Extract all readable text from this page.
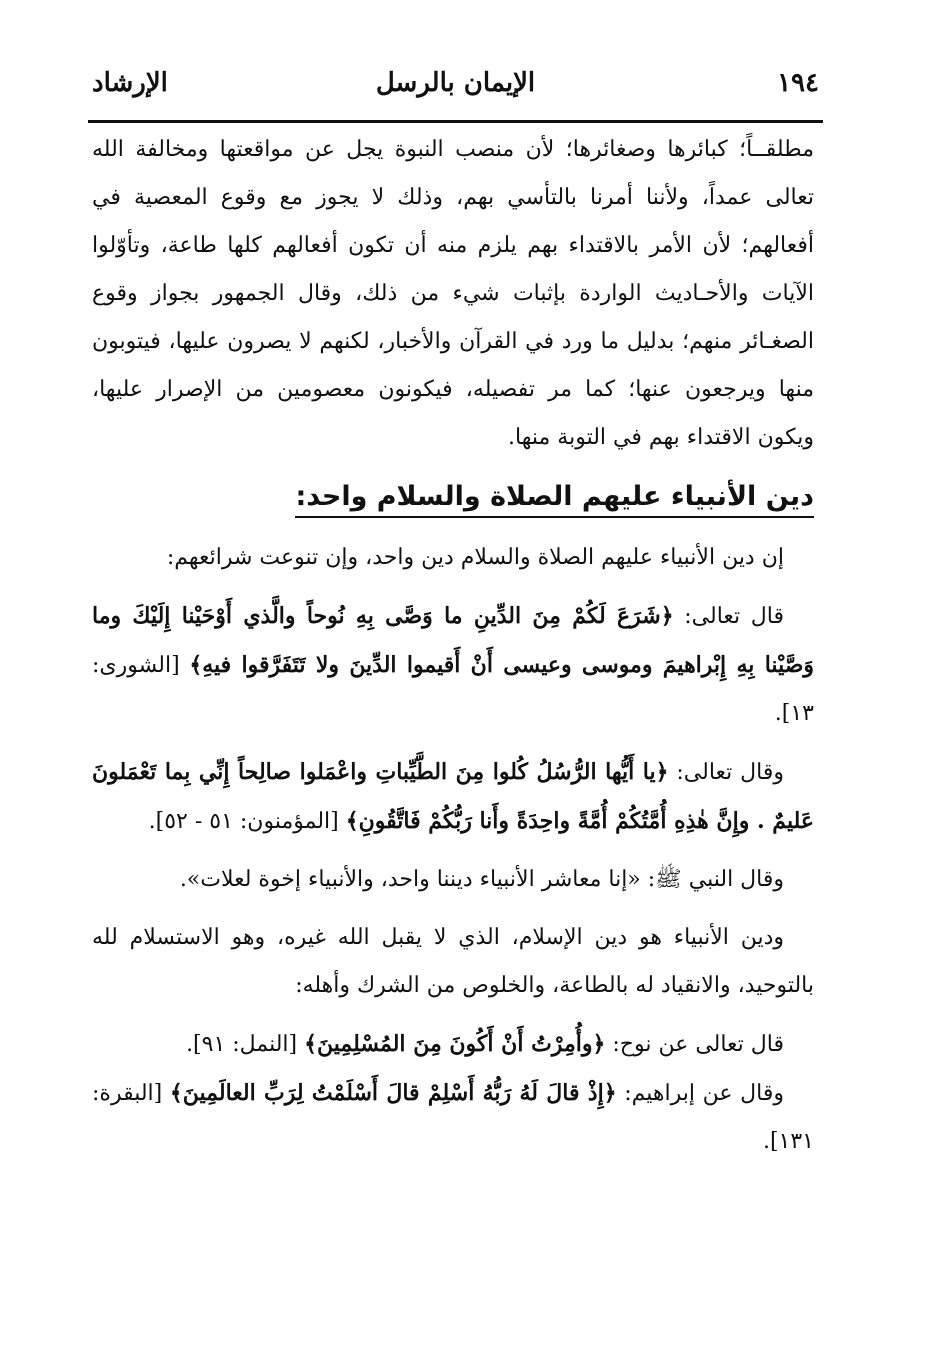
١٩٤
الإيمان بالرسل
الإرشاد

مطلقــاً؛ كبائرها وصغائرها؛ لأن منصب النبوة يجل عن مواقعتها ومخالفة الله تعالى عمداً، ولأننا أمرنا بالتأسي بهم، وذلك لا يجوز مع وقوع المعصية في أفعالهم؛ لأن الأمر بالاقتداء بهم يلزم منه أن تكون أفعالهم كلها طاعة، وتأوّلوا الآيات والأحـاديث الواردة بإثبات شيء من ذلك، وقال الجمهور بجواز وقوع الصغـائر منهم؛ بدليل ما ورد في القرآن والأخبار، لكنهم لا يصرون عليها، فيتوبون منها ويرجعون عنها؛ كما مر تفصيله، فيكونون معصومين من الإصرار عليها، ويكون الاقتداء بهم في التوبة منها.

دين الأنبياء عليهم الصلاة والسلام واحد:

إن دين الأنبياء عليهم الصلاة والسلام دين واحد، وإن تنوعت شرائعهم:

قال تعالى: ﴿شَرَعَ لَكُمْ مِنَ الدِّينِ ما وَصَّى بِهِ نُوحاً والَّذي أَوْحَيْنا إِلَيْكَ وما وَصَّيْنا بِهِ إِبْراهيمَ وموسى وعيسى أَنْ أَقيموا الدِّينَ ولا تَتَفَرَّقوا فيهِ﴾ [الشورى: ١٣].

وقال تعالى: ﴿يا أَيُّها الرُّسُلُ كُلوا مِنَ الطَّيِّباتِ واعْمَلوا صالِحاً إِنِّي بِما تَعْمَلونَ عَليمٌ . وإِنَّ هٰذِهِ أُمَّتُكُمْ أُمَّةً واحِدَةً وأَنا رَبُّكُمْ فَاتَّقُونِ﴾ [المؤمنون: ٥١ - ٥٢].

وقال النبي ﷺ: «إنا معاشر الأنبياء ديننا واحد، والأنبياء إخوة لعلات».

ودين الأنبياء هو دين الإسلام، الذي لا يقبل الله غيره، وهو الاستسلام لله بالتوحيد، والانقياد له بالطاعة، والخلوص من الشرك وأهله:

قال تعالى عن نوح: ﴿وأُمِرْتُ أَنْ أَكُونَ مِنَ المُسْلِمِينَ﴾ [النمل: ٩١].

وقال عن إبراهيم: ﴿إِذْ قالَ لَهُ رَبُّهُ أَسْلِمْ قالَ أَسْلَمْتُ لِرَبِّ العالَمِينَ﴾ [البقرة: ١٣١].
